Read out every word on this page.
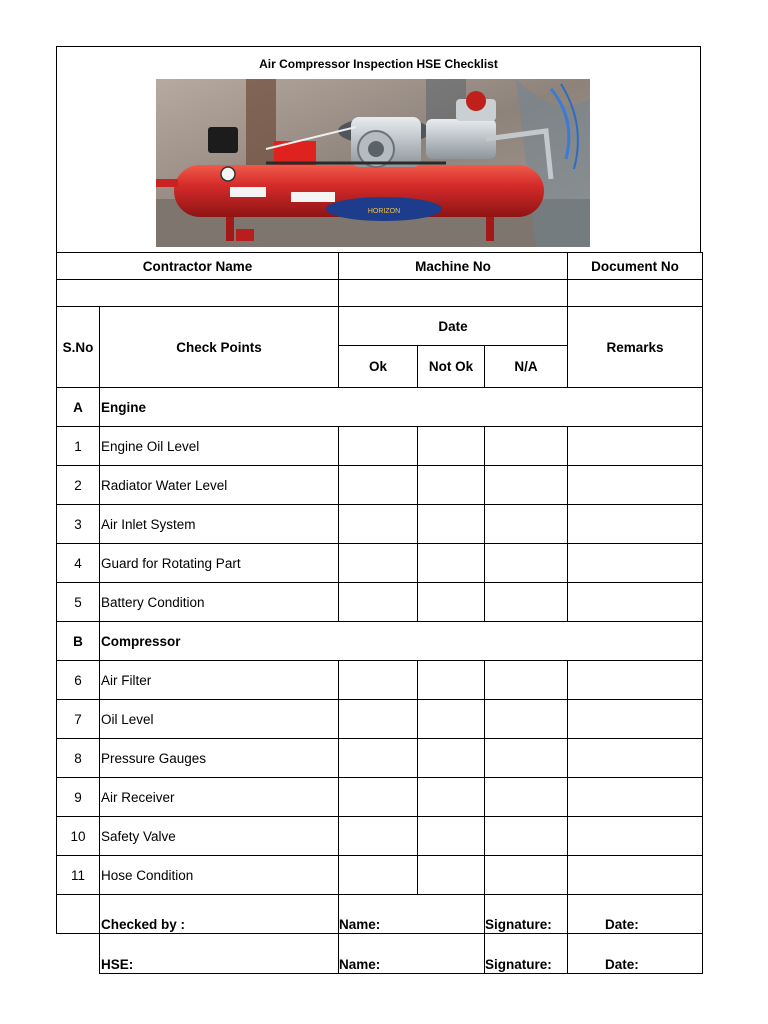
Air Compressor Inspection HSE Checklist
HORIZON
Contractor Name		Machine No			Document No

S.No	Check Points	Date			Remarks
		Ok	Not Ok	N/A	
A	Engine				
1	Engine Oil Level				
2	Radiator Water Level				
3	Air Inlet System				
4	Guard for Rotating Part				
5	Battery Condition				
B	Compressor				
6	Air Filter				
7	Oil Level				
8	Pressure Gauges				
9	Air Receiver				
10	Safety Valve				
11	Hose Condition				
	Checked by :	Name:		Signature:	Date:
	HSE:	Name:		Signature:	Date:
